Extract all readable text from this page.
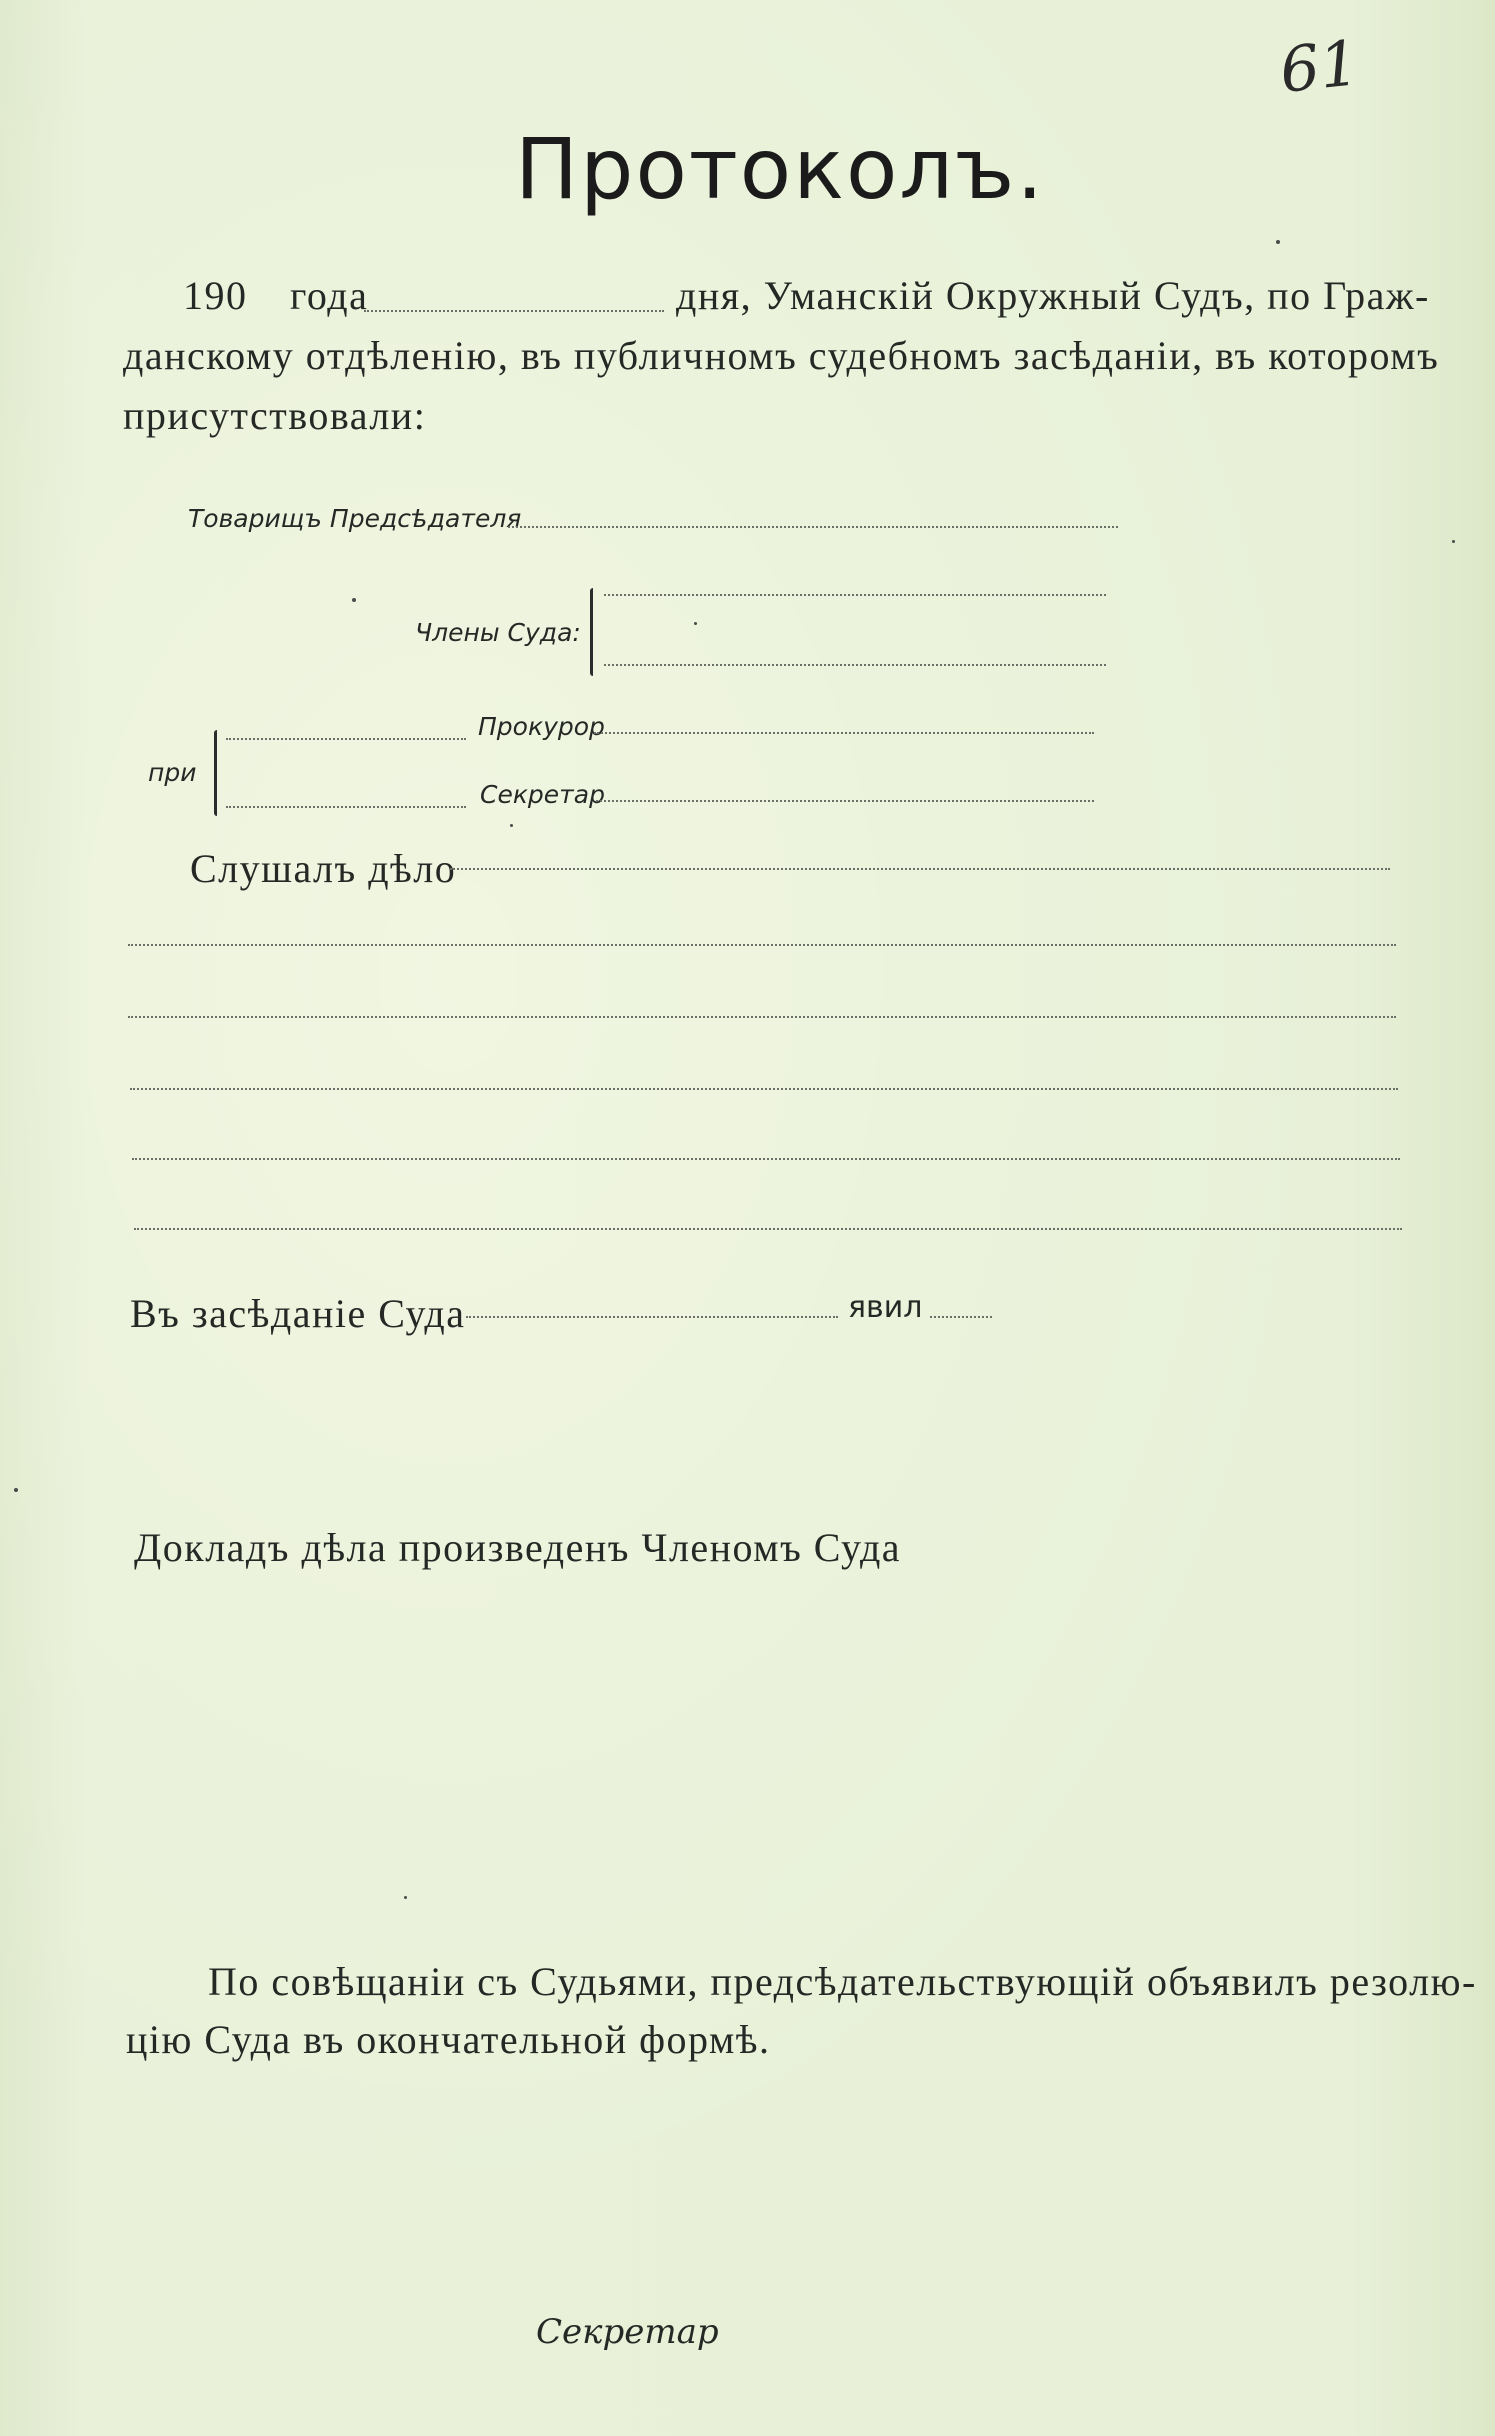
61
Протоколъ.
190 года	дня, Уманскій Окружный Судъ, по Граж-
данскому отдѣленію, въ публичномъ судебномъ засѣданіи, въ которомъ
присутствовали:
Товарищъ Предсѣдателя
Члены Суда:
при
Прокурор
Секретар
Слушалъ дѣло
Въ засѣданіе Суда	явил
Докладъ дѣла произведенъ Членомъ Суда
По совѣщаніи съ Судьями, предсѣдательствующій объявилъ резолю-
цію Суда въ окончательной формѣ.
Секретар
